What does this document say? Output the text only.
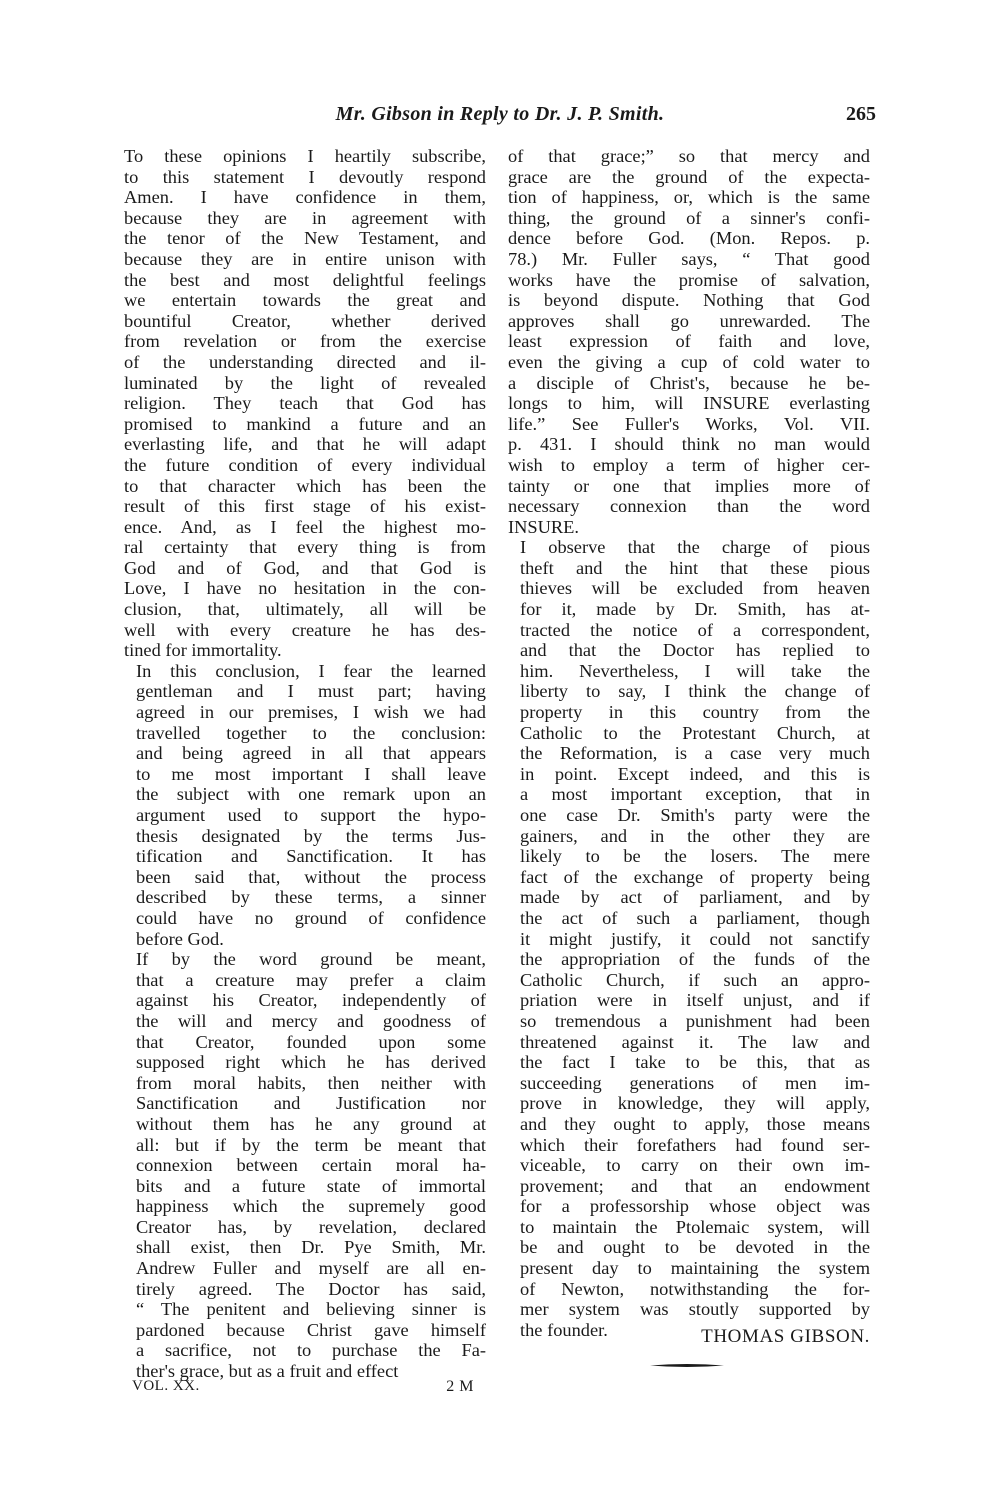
Mr. Gibson in Reply to Dr. J. P. Smith.	265

To these opinions I heartily subscribe,
to this statement I devoutly respond
Amen. I have confidence in them,
because they are in agreement with
the tenor of the New Testament, and
because they are in entire unison with
the best and most delightful feelings
we entertain towards the great and
bountiful Creator, whether derived
from revelation or from the exercise
of the understanding directed and il-
luminated by the light of revealed
religion. They teach that God has
promised to mankind a future and an
everlasting life, and that he will adapt
the future condition of every individual
to that character which has been the
result of this first stage of his exist-
ence. And, as I feel the highest mo-
ral certainty that every thing is from
God and of God, and that God is
Love, I have no hesitation in the con-
clusion, that, ultimately, all will be
well with every creature he has des-
tined for immortality.

In this conclusion, I fear the learned
gentleman and I must part; having
agreed in our premises, I wish we had
travelled together to the conclusion:
and being agreed in all that appears
to me most important I shall leave
the subject with one remark upon an
argument used to support the hypo-
thesis designated by the terms Jus-
tification and Sanctification. It has
been said that, without the process
described by these terms, a sinner
could have no ground of confidence
before God.

If by the word ground be meant,
that a creature may prefer a claim
against his Creator, independently of
the will and mercy and goodness of
that Creator, founded upon some
supposed right which he has derived
from moral habits, then neither with
Sanctification and Justification nor
without them has he any ground at
all: but if by the term be meant that
connexion between certain moral ha-
bits and a future state of immortal
happiness which the supremely good
Creator has, by revelation, declared
shall exist, then Dr. Pye Smith, Mr.
Andrew Fuller and myself are all en-
tirely agreed. The Doctor has said,
“ The penitent and believing sinner is
pardoned because Christ gave himself
a sacrifice, not to purchase the Fa-
ther's grace, but as a fruit and effect

of that grace;” so that mercy and
grace are the ground of the expecta-
tion of happiness, or, which is the same
thing, the ground of a sinner's confi-
dence before God. (Mon. Repos. p.
78.) Mr. Fuller says, “ That good
works have the promise of salvation,
is beyond dispute. Nothing that God
approves shall go unrewarded. The
least expression of faith and love,
even the giving a cup of cold water to
a disciple of Christ's, because he be-
longs to him, will INSURE everlasting
life.” See Fuller's Works, Vol. VII.
p. 431. I should think no man would
wish to employ a term of higher cer-
tainty or one that implies more of
necessary connexion than the word
INSURE.

I observe that the charge of pious
theft and the hint that these pious
thieves will be excluded from heaven
for it, made by Dr. Smith, has at-
tracted the notice of a correspondent,
and that the Doctor has replied to
him. Nevertheless, I will take the
liberty to say, I think the change of
property in this country from the
Catholic to the Protestant Church, at
the Reformation, is a case very much
in point. Except indeed, and this is
a most important exception, that in
one case Dr. Smith's party were the
gainers, and in the other they are
likely to be the losers. The mere
fact of the exchange of property being
made by act of parliament, and by
the act of such a parliament, though
it might justify, it could not sanctify
the appropriation of the funds of the
Catholic Church, if such an appro-
priation were in itself unjust, and if
so tremendous a punishment had been
threatened against it. The law and
the fact I take to be this, that as
succeeding generations of men im-
prove in knowledge, they will apply,
and they ought to apply, those means
which their forefathers had found ser-
viceable, to carry on their own im-
provement; and that an endowment
for a professorship whose object was
to maintain the Ptolemaic system, will
be and ought to be devoted in the
present day to maintaining the system
of Newton, notwithstanding the for-
mer system was stoutly supported by
the founder.	THOMAS GIBSON.
VOL. XX.	2 M
